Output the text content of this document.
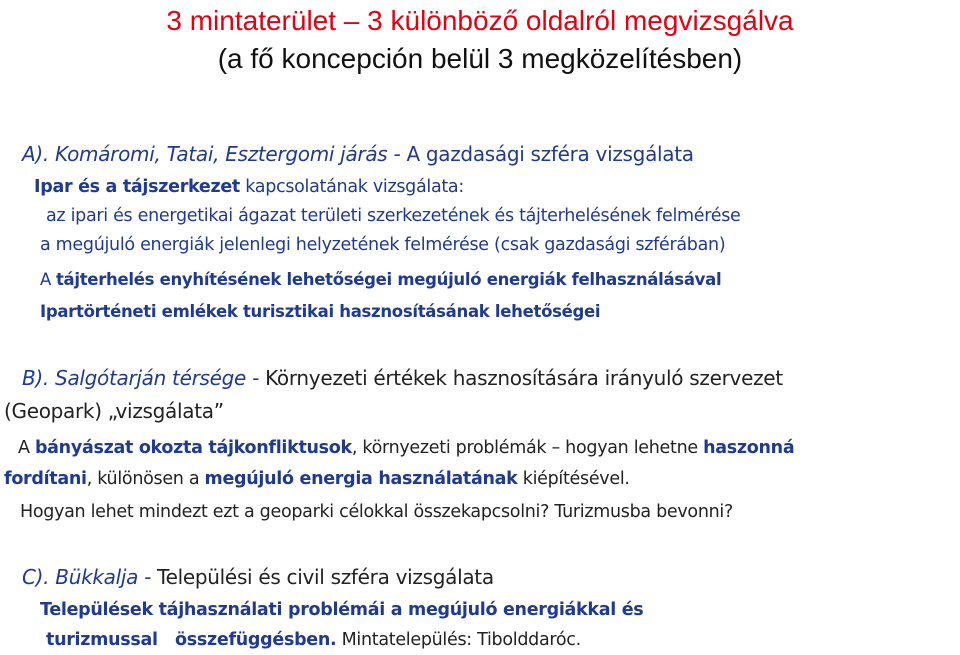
3 mintaterület – 3 különböző oldalról megvizsgálva
(a fő koncepción belül 3 megközelítésben)
A). Komáromi, Tatai, Esztergomi járás - A gazdasági szféra vizsgálata
Ipar és a tájszerkezet kapcsolatának vizsgálata:
az ipari és energetikai ágazat területi szerkezetének és tájterhelésének felmérése
a megújuló energiák jelenlegi helyzetének felmérése (csak gazdasági szférában)
A tájterhelés enyhítésének lehetőségei megújuló energiák felhasználásával
Ipartörténeti emlékek turisztikai hasznosításának lehetőségei
B). Salgótarján térsége - Környezeti értékek hasznosítására irányuló szervezet
(Geopark) „vizsgálata”
A bányászat okozta tájkonfliktusok, környezeti problémák – hogyan lehetne haszonná
fordítani, különösen a megújuló energia használatának kiépítésével.
Hogyan lehet mindezt ezt a geoparki célokkal összekapcsolni? Turizmusba bevonni?
C). Bükkalja - Települési és civil szféra vizsgálata
Települések tájhasználati problémái a megújuló energiákkal és
turizmussal   összefüggésben. Mintatelepülés: Tibolddaróc.
